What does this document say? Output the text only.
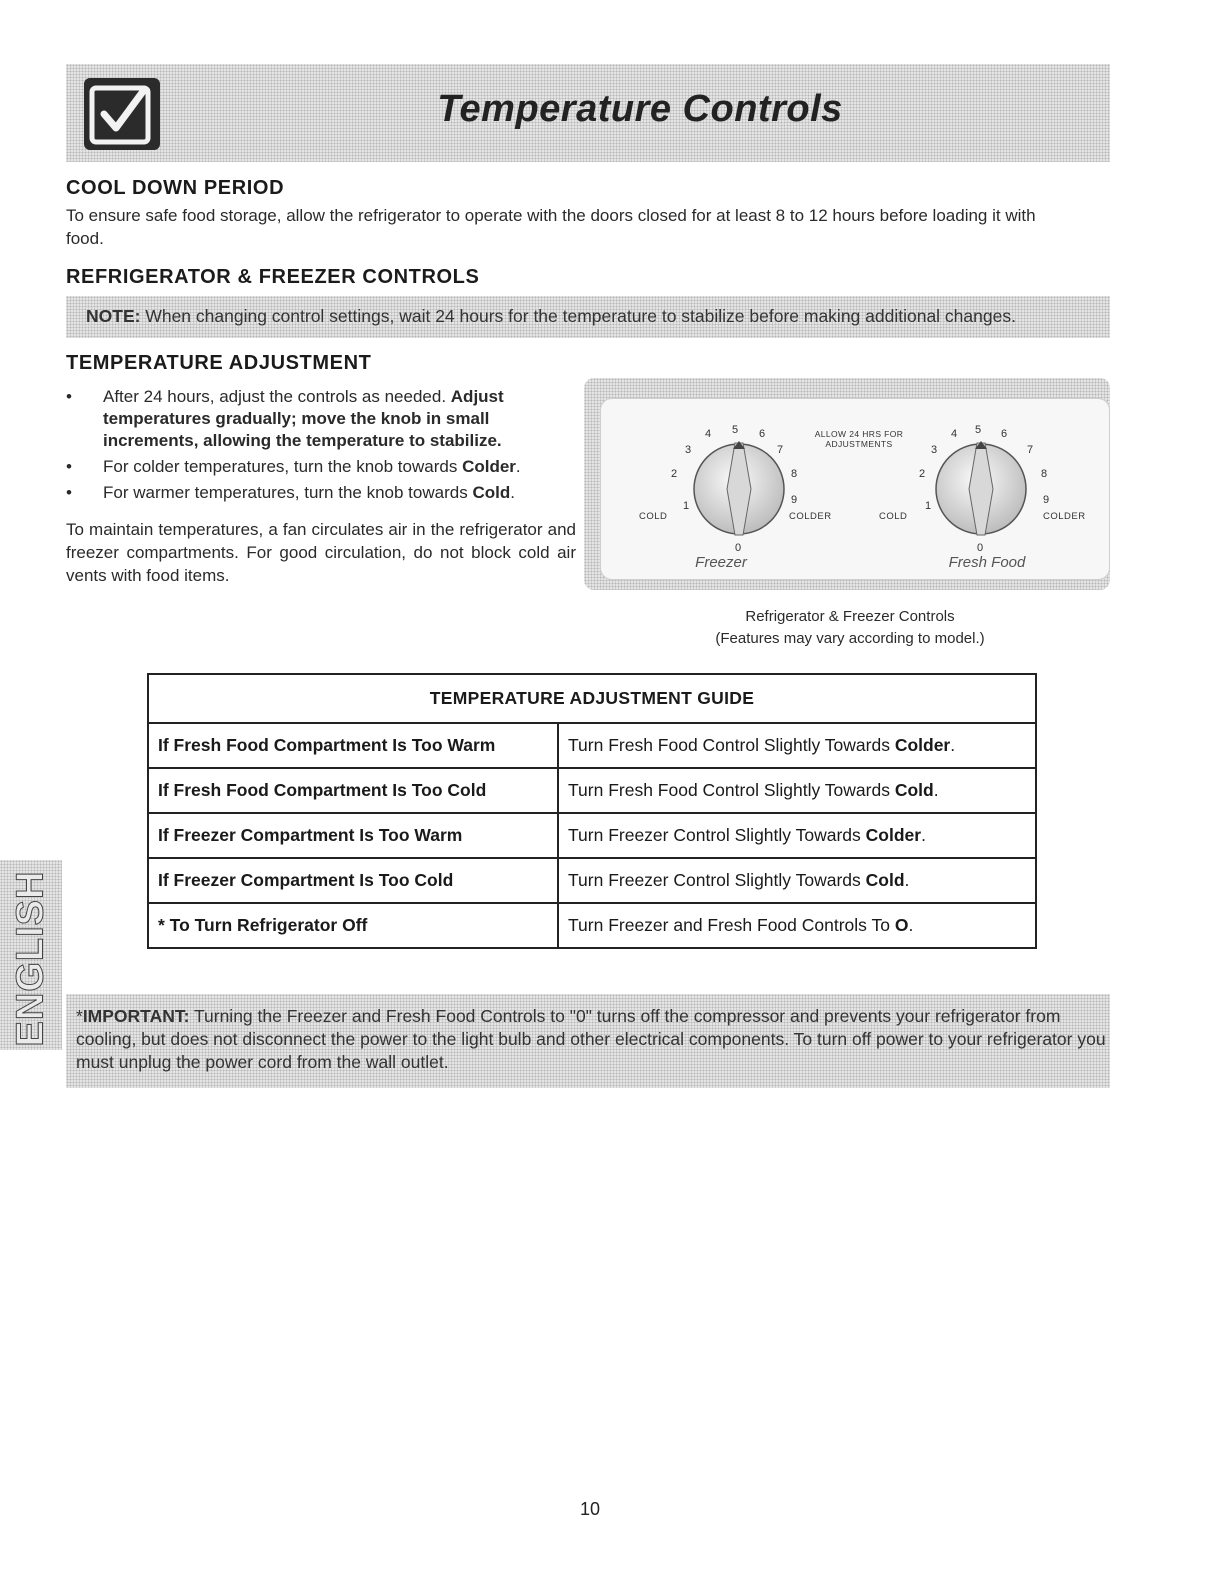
Temperature Controls
COOL DOWN PERIOD

To ensure safe food storage, allow the refrigerator to operate with the doors closed for at least 8 to 12 hours before loading it with food.

REFRIGERATOR & FREEZER CONTROLS
NOTE: When changing control settings, wait 24 hours for the temperature to stabilize before making additional changes.
TEMPERATURE ADJUSTMENT
• After 24 hours, adjust the controls as needed. Adjust temperatures gradually; move the knob in small increments, allowing the temperature to stabilize.
• For colder temperatures, turn the knob towards Colder.
• For warmer temperatures, turn the knob towards Cold.

To maintain temperatures, a fan circulates air in the refrigerator and freezer compartments. For good circulation, do not block cold air vents with food items.

0
1
2
3
4 5 6
7
8
9
0
1
2
3
4 5 6
7
8
9
COLD	COLDER	COLD	COLDER
ALLOW 24 HRS FOR
ADJUSTMENTS
Freezer	Fresh Food
Refrigerator & Freezer Controls
(Features may vary according to model.)
TEMPERATURE ADJUSTMENT GUIDE	
If Fresh Food Compartment Is Too Warm	Turn Fresh Food Control Slightly Towards Colder.
If Fresh Food Compartment Is Too Cold	Turn Fresh Food Control Slightly Towards Cold.
If Freezer Compartment Is Too Warm	Turn Freezer Control Slightly Towards Colder.
If Freezer Compartment Is Too Cold	Turn Freezer Control Slightly Towards Cold.
* To Turn Refrigerator Off	Turn Freezer and Fresh Food Controls To O.
ENGLISH *IMPORTANT: Turning the Freezer and Fresh Food Controls to "0" turns off the compressor and prevents your refrigerator from cooling, but does not disconnect the power to the light bulb and other electrical components. To turn off power to your refrigerator you must unplug the power cord from the wall outlet.

10
